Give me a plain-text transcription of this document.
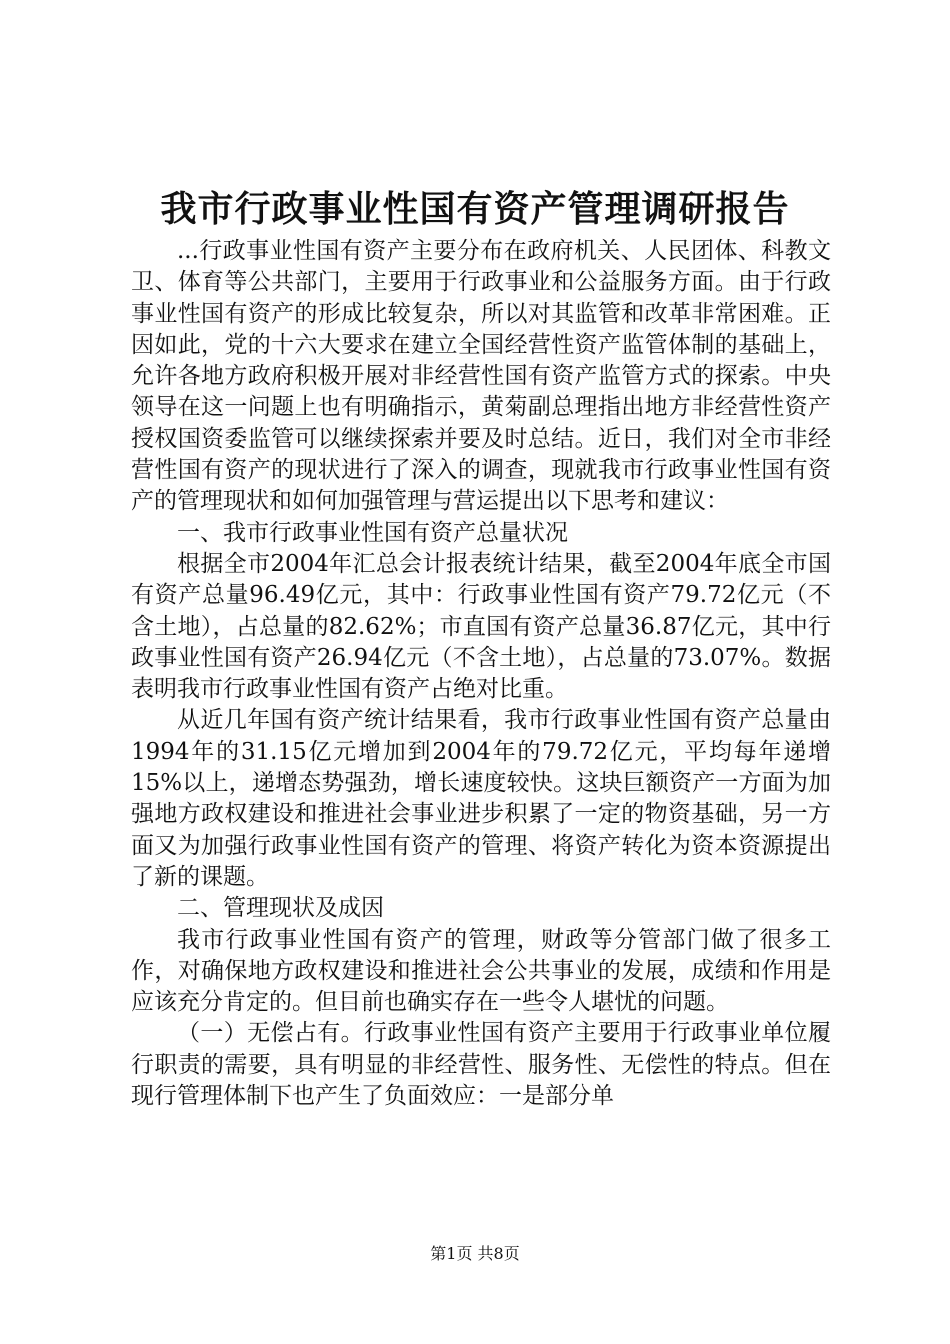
我市行政事业性国有资产管理调研报告

...行政事业性国有资产主要分布在政府机关、人民团体、科教文卫、体育等公共部门，主要用于行政事业和公益服务方面。由于行政事业性国有资产的形成比较复杂，所以对其监管和改革非常困难。正因如此，党的十六大要求在建立全国经营性资产监管体制的基础上，允许各地方政府积极开展对非经营性国有资产监管方式的探索。中央领导在这一问题上也有明确指示，黄菊副总理指出地方非经营性资产授权国资委监管可以继续探索并要及时总结。近日，我们对全市非经营性国有资产的现状进行了深入的调查，现就我市行政事业性国有资产的管理现状和如何加强管理与营运提出以下思考和建议：

一、我市行政事业性国有资产总量状况

根据全市2004年汇总会计报表统计结果，截至2004年底全市国有资产总量96.49亿元，其中：行政事业性国有资产79.72亿元（不含土地），占总量的82.62%；市直国有资产总量36.87亿元，其中行政事业性国有资产26.94亿元（不含土地），占总量的73.07%。数据表明我市行政事业性国有资产占绝对比重。

从近几年国有资产统计结果看，我市行政事业性国有资产总量由1994年的31.15亿元增加到2004年的79.72亿元，平均每年递增15%以上，递增态势强劲，增长速度较快。这块巨额资产一方面为加强地方政权建设和推进社会事业进步积累了一定的物资基础，另一方面又为加强行政事业性国有资产的管理、将资产转化为资本资源提出了新的课题。

二、管理现状及成因

我市行政事业性国有资产的管理，财政等分管部门做了很多工作，对确保地方政权建设和推进社会公共事业的发展，成绩和作用是应该充分肯定的。但目前也确实存在一些令人堪忧的问题。

（一）无偿占有。行政事业性国有资产主要用于行政事业单位履行职责的需要，具有明显的非经营性、服务性、无偿性的特点。但在现行管理体制下也产生了负面效应：一是部分单

第1页 共8页
